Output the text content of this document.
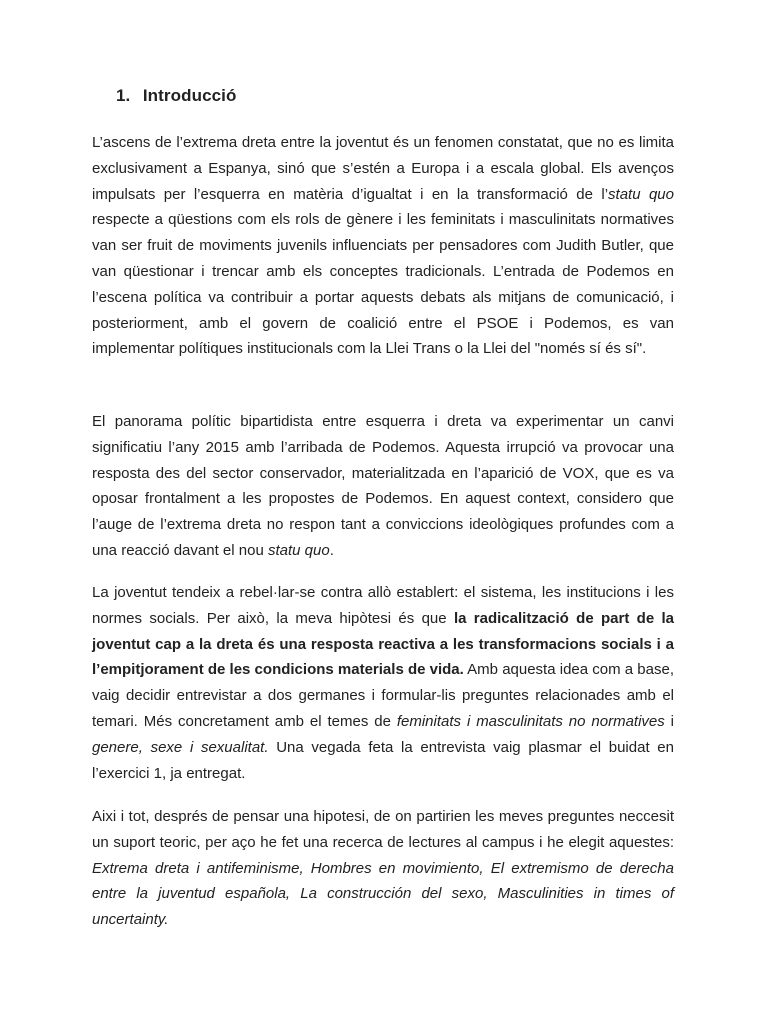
1. Introducció

L’ascens de l’extrema dreta entre la joventut és un fenomen constatat, que no es limita exclusivament a Espanya, sinó que s’estén a Europa i a escala global. Els avenços impulsats per l’esquerra en matèria d’igualtat i en la transformació de l’statu quo respecte a qüestions com els rols de gènere i les feminitats i masculinitats normatives van ser fruit de moviments juvenils influenciats per pensadores com Judith Butler, que van qüestionar i trencar amb els conceptes tradicionals. L’entrada de Podemos en l’escena política va contribuir a portar aquests debats als mitjans de comunicació, i posteriorment, amb el govern de coalició entre el PSOE i Podemos, es van implementar polítiques institucionals com la Llei Trans o la Llei del "només sí és sí".

El panorama polític bipartidista entre esquerra i dreta va experimentar un canvi significatiu l’any 2015 amb l’arribada de Podemos. Aquesta irrupció va provocar una resposta des del sector conservador, materialitzada en l’aparició de VOX, que es va oposar frontalment a les propostes de Podemos. En aquest context, considero que l’auge de l’extrema dreta no respon tant a conviccions ideològiques profundes com a una reacció davant el nou statu quo.

La joventut tendeix a rebel·lar-se contra allò establert: el sistema, les institucions i les normes socials. Per això, la meva hipòtesi és que la radicalització de part de la joventut cap a la dreta és una resposta reactiva a les transformacions socials i a l’empitjorament de les condicions materials de vida. Amb aquesta idea com a base, vaig decidir entrevistar a dos germanes i formular-lis preguntes relacionades amb el temari. Més concretament amb el temes de feminitats i masculinitats no normatives i genere, sexe i sexualitat. Una vegada feta la entrevista vaig plasmar el buidat en l’exercici 1, ja entregat.

Aixi i tot, després de pensar una hipotesi, de on partirien les meves preguntes neccesit un suport teoric, per aço he fet una recerca de lectures al campus i he elegit aquestes: Extrema dreta i antifeminisme, Hombres en movimiento, El extremismo de derecha entre la juventud española, La construcción del sexo, Masculinities in times of uncertainty.
